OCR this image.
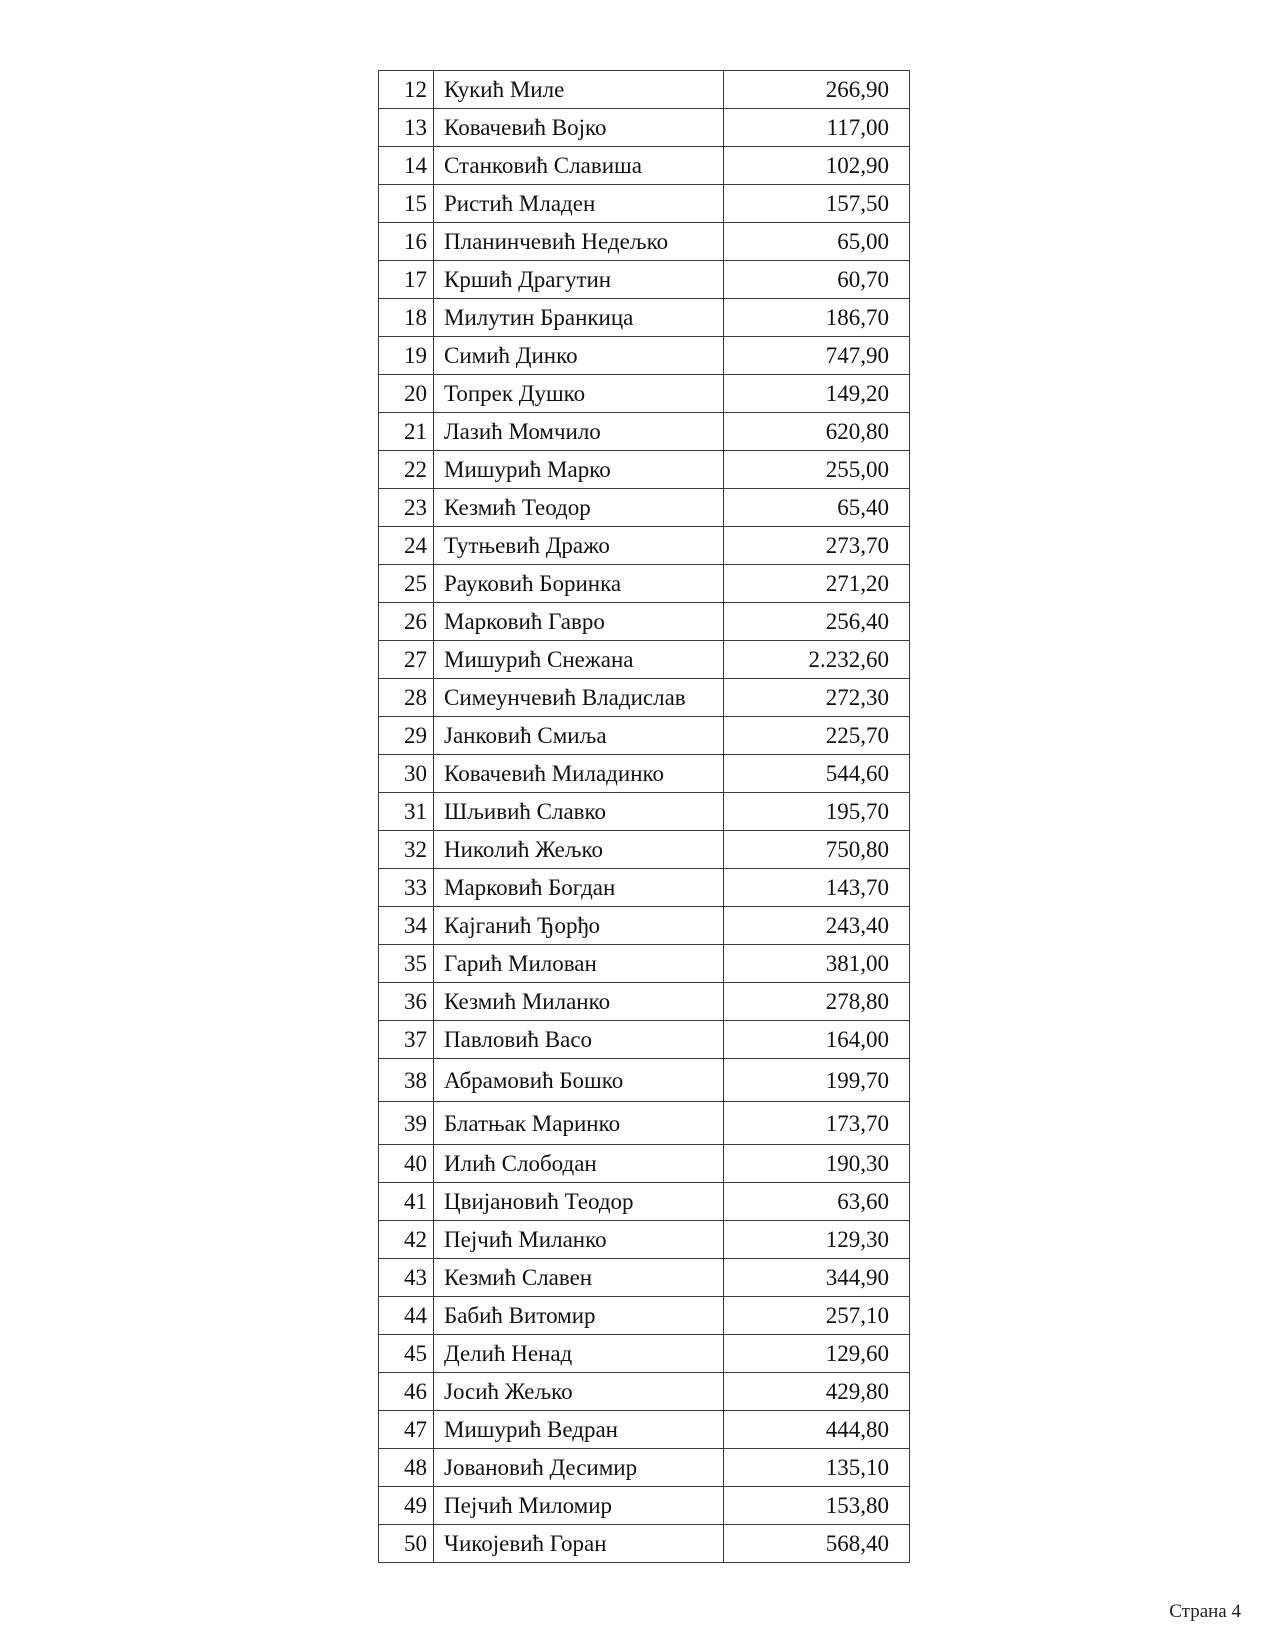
12	Кукић Миле	266,90
13	Ковачевић Војко	117,00
14	Станковић Славиша	102,90
15	Ристић Младен	157,50
16	Планинчевић Недељко	65,00
17	Кршић Драгутин	60,70
18	Милутин Бранкица	186,70
19	Симић Динко	747,90
20	Топрек Душко	149,20
21	Лазић Момчило	620,80
22	Мишурић Марко	255,00
23	Кезмић Теодор	65,40
24	Тутњевић Дражо	273,70
25	Рауковић Боринка	271,20
26	Марковић Гавро	256,40
27	Мишурић Снежана	2.232,60
28	Симеунчевић Владислав	272,30
29	Јанковић Смиља	225,70
30	Ковачевић Миладинко	544,60
31	Шљивић Славко	195,70
32	Николић Жељко	750,80
33	Марковић Богдан	143,70
34	Кајганић Ђорђо	243,40
35	Гарић Милован	381,00
36	Кезмић Миланко	278,80
37	Павловић Васо	164,00
38	Абрамовић Бошко	199,70
39	Блатњак Маринко	173,70
40	Илић Слободан	190,30
41	Цвијановић Теодор	63,60
42	Пејчић Миланко	129,30
43	Кезмић Славен	344,90
44	Бабић Витомир	257,10
45	Делић Ненад	129,60
46	Јосић Жељко	429,80
47	Мишурић Ведран	444,80
48	Јовановић Десимир	135,10
49	Пејчић Миломир	153,80
50	Чикојевић Горан	568,40
Страна 4
